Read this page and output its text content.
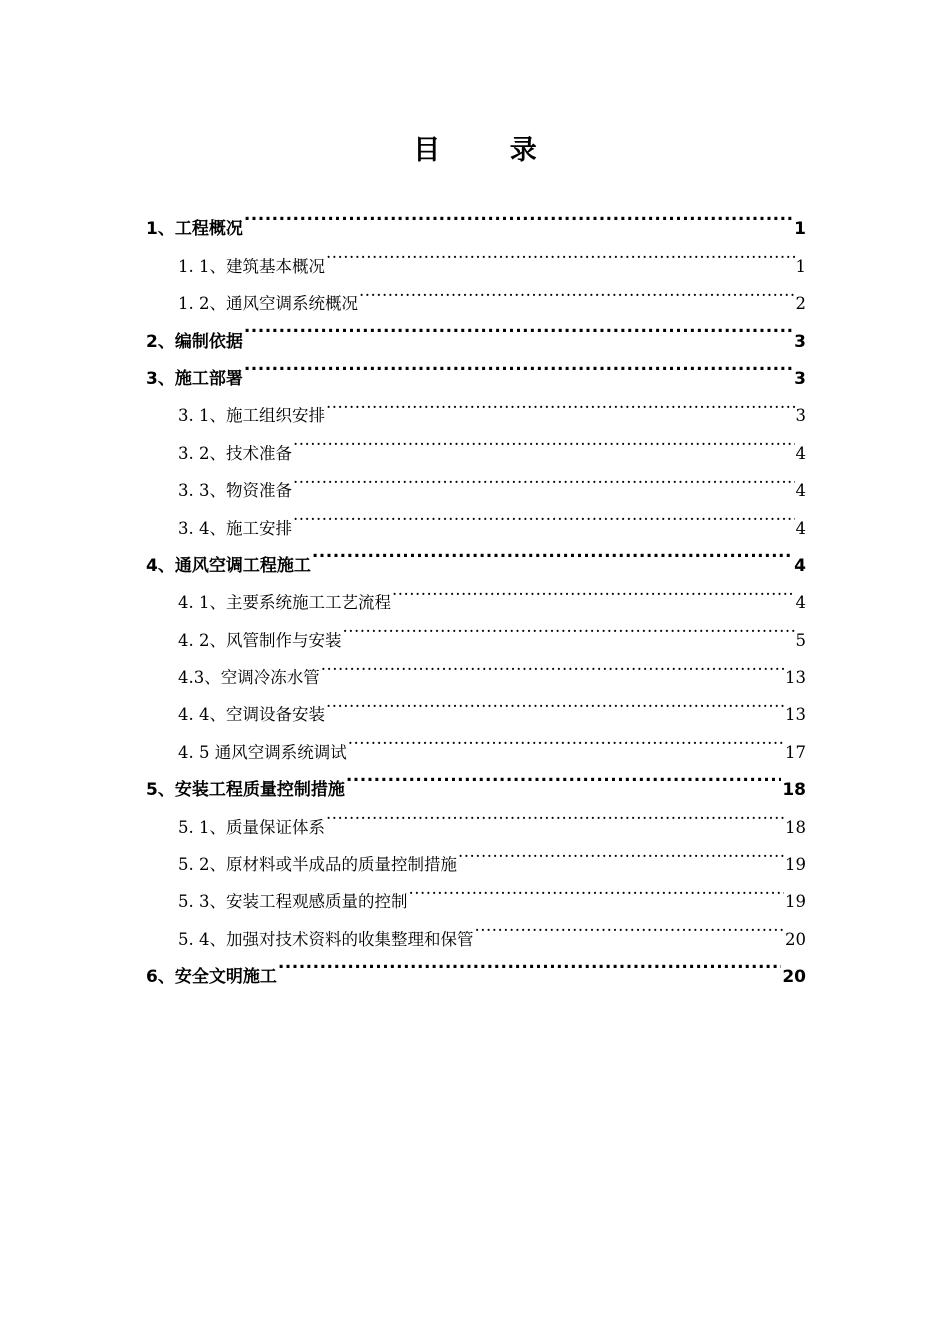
目 录
1、工程概况 .....	1
1. 1、建筑基本概况 .....	1
1. 2、通风空调系统概况 .....	2
2、编制依据 .....	3
3、施工部署 .....	3
3. 1、施工组织安排 .....	3
3. 2、技术准备 .....	4
3. 3、物资准备 .....	4
3. 4、施工安排 .....	4
4、通风空调工程施工 .....	4
4. 1、主要系统施工工艺流程 .....	4
4. 2、风管制作与安装 .....	5
4.3、空调冷冻水管 .....	13
4. 4、空调设备安装 .....	13
4. 5 通风空调系统调试 .....	17
5、安装工程质量控制措施 .....	18
5. 1、质量保证体系 .....	18
5. 2、原材料或半成品的质量控制措施 .....	19
5. 3、安装工程观感质量的控制 .....	19
5. 4、加强对技术资料的收集整理和保管 .....	20
6、安全文明施工 .....	20
